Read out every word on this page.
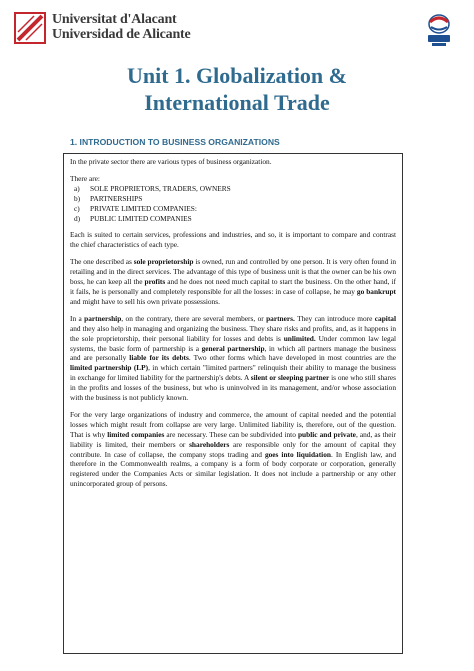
Universitat d'Alacant
Universidad de Alicante
Unit 1. Globalization &
International Trade
1. INTRODUCTION TO BUSINESS ORGANIZATIONS

In the private sector there are various types of business organization.

There are:
a)	SOLE PROPRIETORS, TRADERS, OWNERS
b)	PARTNERSHIPS
c)	PRIVATE LIMITED COMPANIES:
d)	PUBLIC LIMITED COMPANIES

Each is suited to certain services, professions and industries, and so, it is important to compare and contrast the chief characteristics of each type.

The one described as sole proprietorship is owned, run and controlled by one person. It is very often found in retailing and in the direct services. The advantage of this type of business unit is that the owner can be his own boss, he can keep all the profits and he does not need much capital to start the business. On the other hand, if it fails, he is personally and completely responsible for all the losses: in case of collapse, he may go bankrupt and might have to sell his own private possessions.

In a partnership, on the contrary, there are several members, or partners. They can introduce more capital and they also help in managing and organizing the business. They share risks and profits, and, as it happens in the sole proprietorship, their personal liability for losses and debts is unlimited. Under common law legal systems, the basic form of partnership is a general partnership, in which all partners manage the business and are personally liable for its debts. Two other forms which have developed in most countries are the limited partnership (LP), in which certain "limited partners" relinquish their ability to manage the business in exchange for limited liability for the partnership's debts. A silent or sleeping partner is one who still shares in the profits and losses of the business, but who is uninvolved in its management, and/or whose association with the business is not publicly known.

For the very large organizations of industry and commerce, the amount of capital needed and the potential losses which might result from collapse are very large. Unlimited liability is, therefore, out of the question. That is why limited companies are necessary. These can be subdivided into public and private, and, as their liability is limited, their members or shareholders are responsible only for the amount of capital they contribute. In case of collapse, the company stops trading and goes into liquidation. In English law, and therefore in the Commonwealth realms, a company is a form of body corporate or corporation, generally registered under the Companies Acts or similar legislation. It does not include a partnership or any other unincorporated group of persons.
